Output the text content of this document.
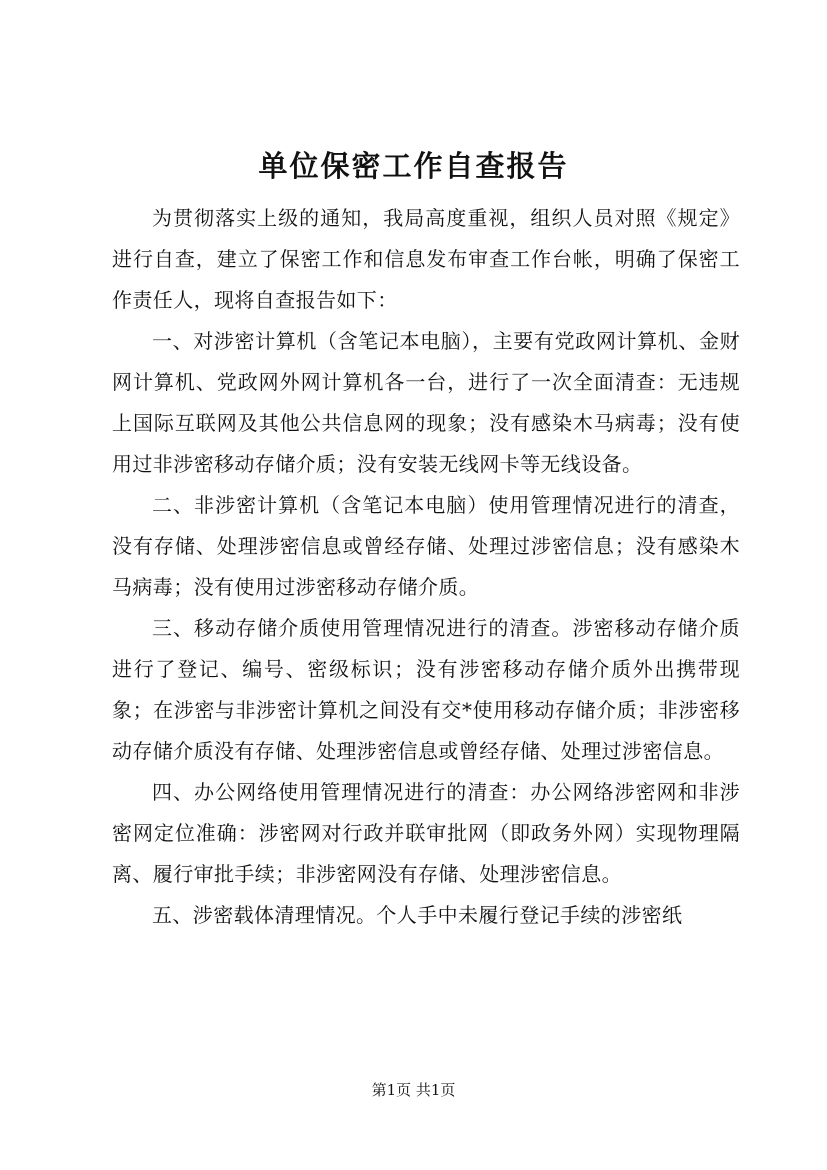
单位保密工作自查报告

为贯彻落实上级的通知，我局高度重视，组织人员对照《规定》进行自查，建立了保密工作和信息发布审查工作台帐，明确了保密工作责任人，现将自查报告如下：

一、对涉密计算机（含笔记本电脑），主要有党政网计算机、金财网计算机、党政网外网计算机各一台，进行了一次全面清查：无违规上国际互联网及其他公共信息网的现象；没有感染木马病毒；没有使用过非涉密移动存储介质；没有安装无线网卡等无线设备。

二、非涉密计算机（含笔记本电脑）使用管理情况进行的清查，没有存储、处理涉密信息或曾经存储、处理过涉密信息；没有感染木马病毒；没有使用过涉密移动存储介质。

三、移动存储介质使用管理情况进行的清查。涉密移动存储介质进行了登记、编号、密级标识；没有涉密移动存储介质外出携带现象；在涉密与非涉密计算机之间没有交*使用移动存储介质；非涉密移动存储介质没有存储、处理涉密信息或曾经存储、处理过涉密信息。

四、办公网络使用管理情况进行的清查：办公网络涉密网和非涉密网定位准确：涉密网对行政并联审批网（即政务外网）实现物理隔离、履行审批手续；非涉密网没有存储、处理涉密信息。

五、涉密载体清理情况。个人手中未履行登记手续的涉密纸

第1页 共1页
